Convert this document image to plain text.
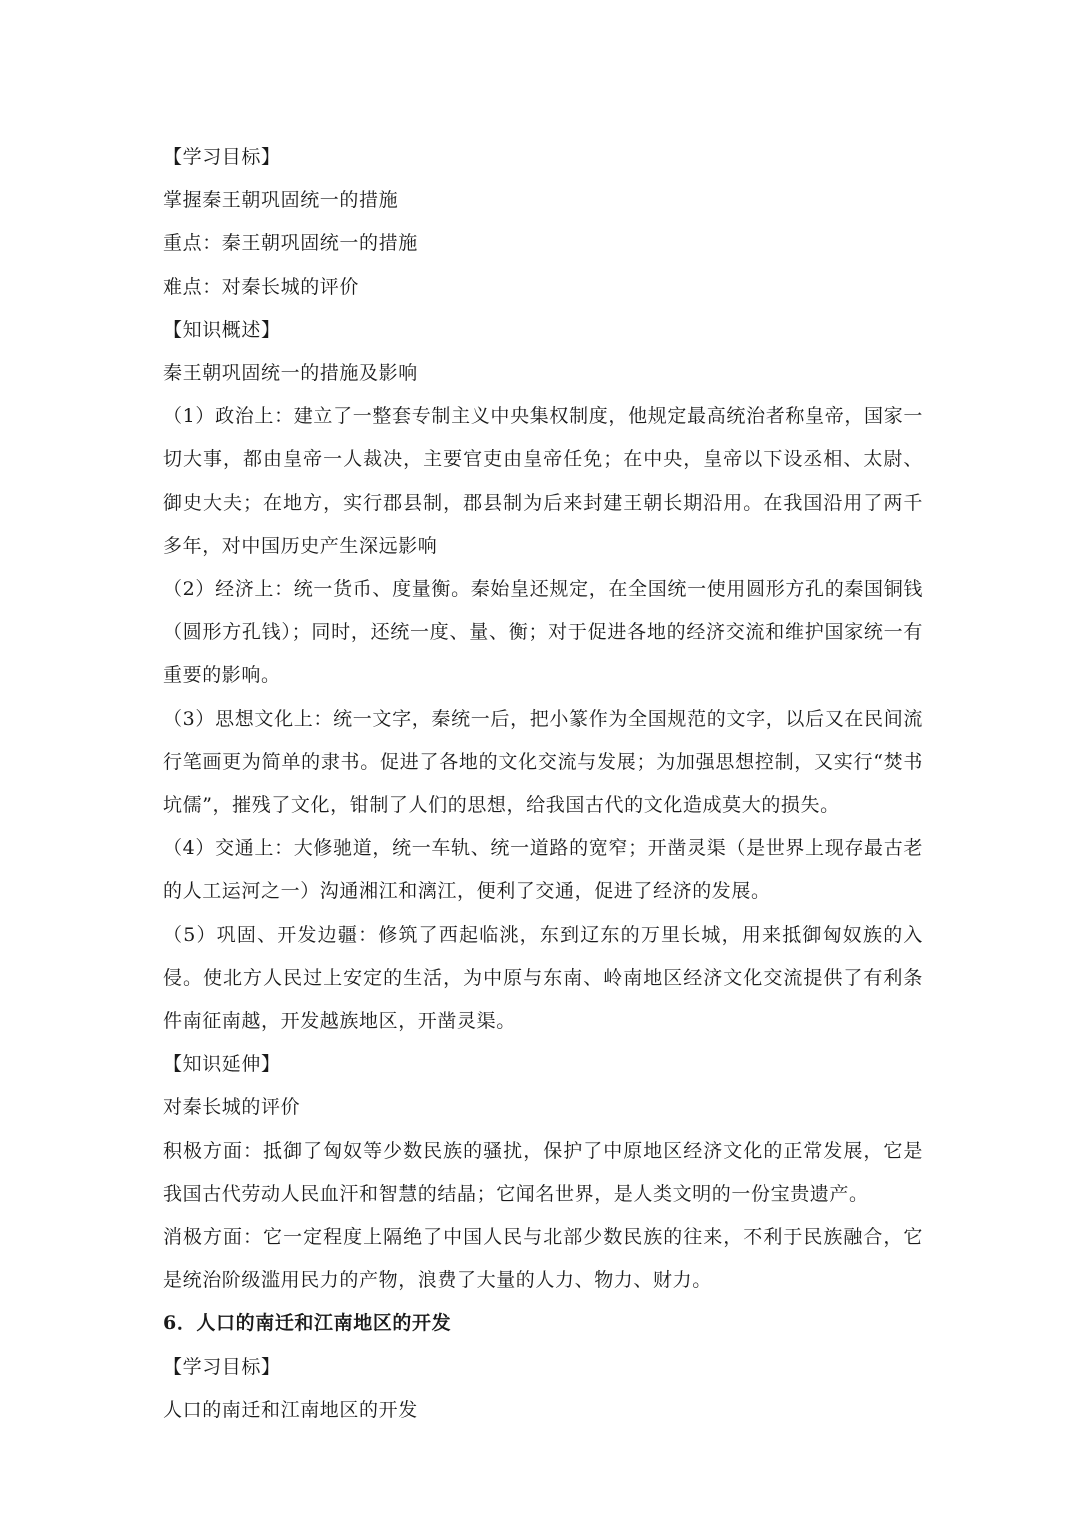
【学习目标】
掌握秦王朝巩固统一的措施
重点：秦王朝巩固统一的措施
难点：对秦长城的评价
【知识概述】
秦王朝巩固统一的措施及影响

（1）政治上：建立了一整套专制主义中央集权制度，他规定最高统治者称皇帝，国家一切大事，都由皇帝一人裁决，主要官吏由皇帝任免；在中央，皇帝以下设丞相、太尉、御史大夫；在地方，实行郡县制，郡县制为后来封建王朝长期沿用。在我国沿用了两千多年，对中国历史产生深远影响

（2）经济上：统一货币、度量衡。秦始皇还规定，在全国统一使用圆形方孔的秦国铜钱（圆形方孔钱）；同时，还统一度、量、衡；对于促进各地的经济交流和维护国家统一有重要的影响。

（3）思想文化上：统一文字，秦统一后，把小篆作为全国规范的文字，以后又在民间流行笔画更为简单的隶书。促进了各地的文化交流与发展；为加强思想控制，又实行“焚书坑儒”，摧残了文化，钳制了人们的思想，给我国古代的文化造成莫大的损失。

（4）交通上：大修驰道，统一车轨、统一道路的宽窄；开凿灵渠（是世界上现存最古老的人工运河之一）沟通湘江和漓江，便利了交通，促进了经济的发展。

（5）巩固、开发边疆：修筑了西起临洮，东到辽东的万里长城，用来抵御匈奴族的入侵。使北方人民过上安定的生活，为中原与东南、岭南地区经济文化交流提供了有利条件南征南越，开发越族地区，开凿灵渠。

【知识延伸】
对秦长城的评价

积极方面：抵御了匈奴等少数民族的骚扰，保护了中原地区经济文化的正常发展，它是我国古代劳动人民血汗和智慧的结晶；它闻名世界，是人类文明的一份宝贵遗产。

消极方面：它一定程度上隔绝了中国人民与北部少数民族的往来，不利于民族融合，它是统治阶级滥用民力的产物，浪费了大量的人力、物力、财力。

6．人口的南迁和江南地区的开发
【学习目标】
人口的南迁和江南地区的开发
